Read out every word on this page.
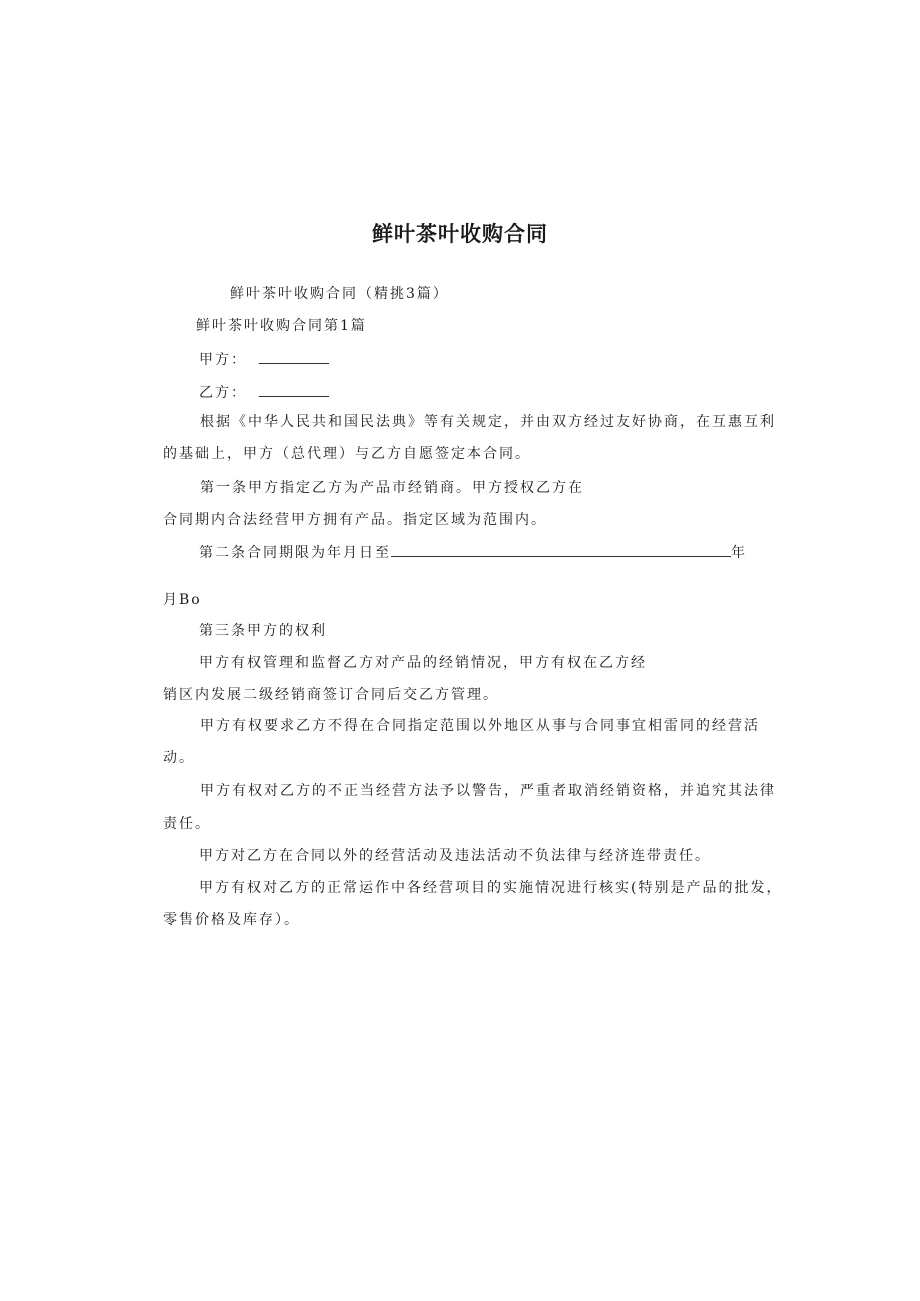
鲜叶茶叶收购合同
鲜叶茶叶收购合同（精挑3篇）
鲜叶茶叶收购合同第1篇
甲方：
乙方：
根据《中华人民共和国民法典》等有关规定，并由双方经过友好协商，在互惠互利
的基础上，甲方（总代理）与乙方自愿签定本合同。
第一条甲方指定乙方为产品市经销商。甲方授权乙方在
合同期内合法经营甲方拥有产品。指定区域为范围内。
第二条合同期限为年月日至	年
月Bo
第三条甲方的权利
甲方有权管理和监督乙方对产品的经销情况，甲方有权在乙方经
销区内发展二级经销商签订合同后交乙方管理。
甲方有权要求乙方不得在合同指定范围以外地区从事与合同事宜相雷同的经营活
动。
甲方有权对乙方的不正当经营方法予以警告，严重者取消经销资格，并追究其法律
责任。
甲方对乙方在合同以外的经营活动及违法活动不负法律与经济连带责任。
甲方有权对乙方的正常运作中各经营项目的实施情况进行核实(特别是产品的批发，
零售价格及库存）。
